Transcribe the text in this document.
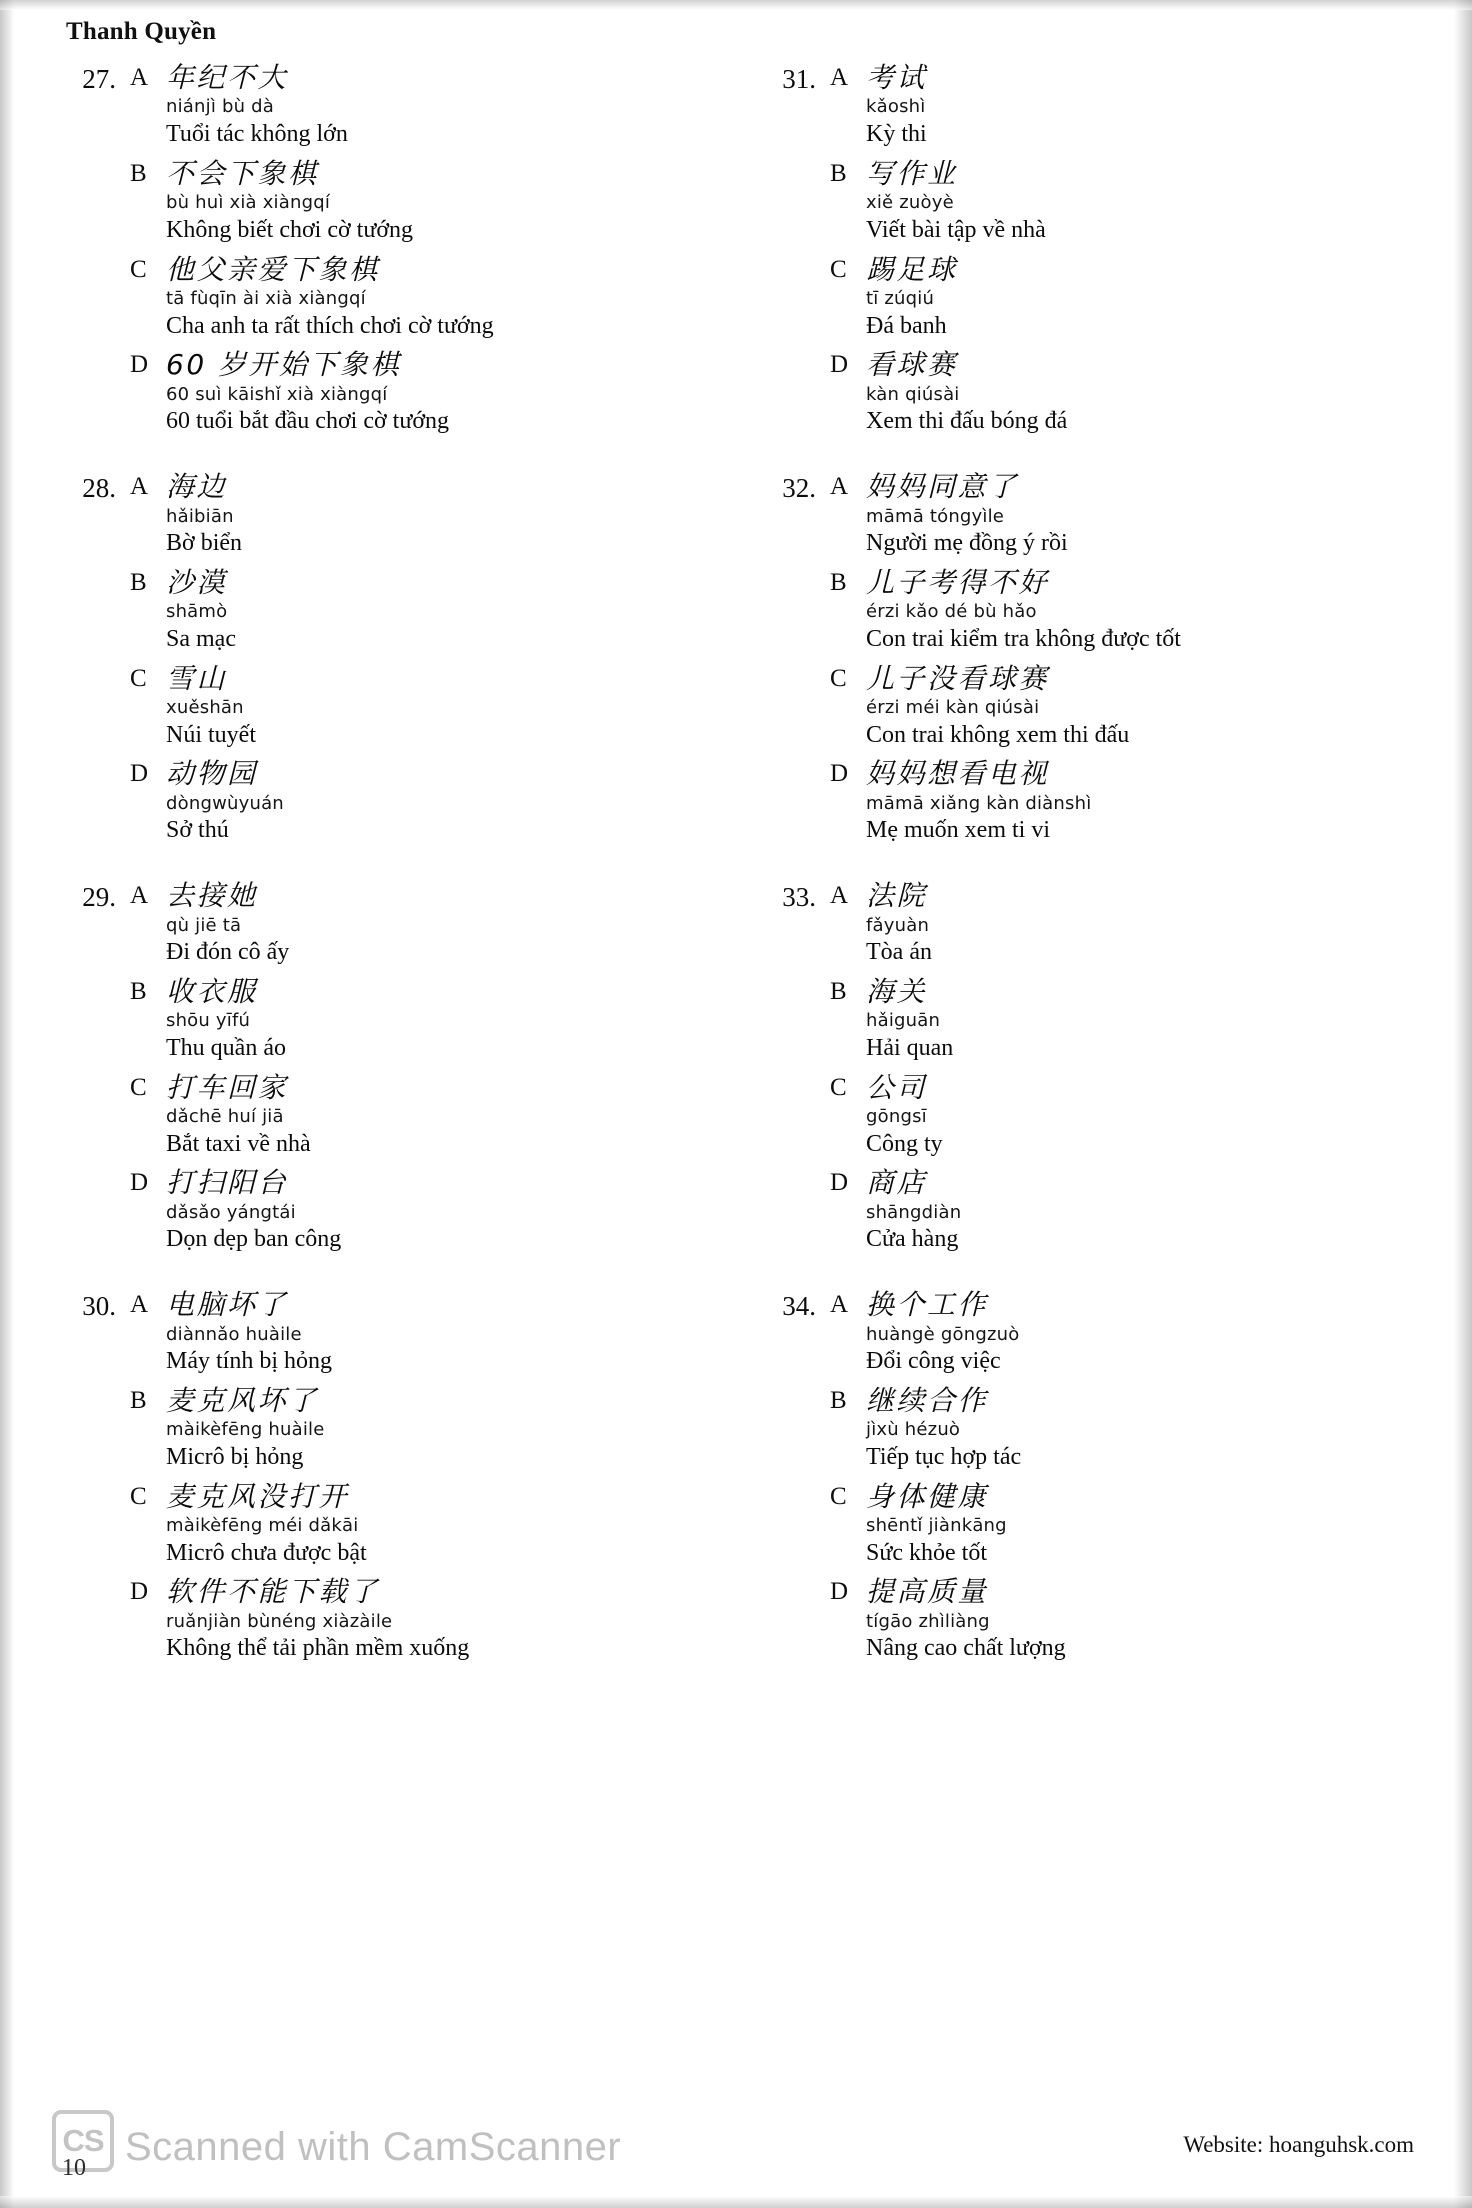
Thanh Quyền
27. A 年纪不大
niánjì bù dà
Tuổi tác không lớn
B 不会下象棋
bù huì xià xiàngqí
Không biết chơi cờ tướng
C 他父亲爱下象棋
tā fùqīn ài xià xiàngqí
Cha anh ta rất thích chơi cờ tướng
D 60 岁开始下象棋
60 suì kāishǐ xià xiàngqí
60 tuổi bắt đầu chơi cờ tướng
28. A 海边
hǎibiān
Bờ biển
B 沙漠
shāmò
Sa mạc
C 雪山
xuěshān
Núi tuyết
D 动物园
dòngwùyuán
Sở thú
29. A 去接她
qù jiē tā
Đi đón cô ấy
B 收衣服
shōu yīfú
Thu quần áo
C 打车回家
dǎchē huí jiā
Bắt taxi về nhà
D 打扫阳台
dǎsǎo yángtái
Dọn dẹp ban công
30. A 电脑坏了
diànnǎo huàile
Máy tính bị hỏng
B 麦克风坏了
màikèfēng huàile
Micrô bị hỏng
C 麦克风没打开
màikèfēng méi dǎkāi
Micrô chưa được bật
D 软件不能下载了
ruǎnjiàn bùnéng xiàzàile
Không thể tải phần mềm xuống
31. A 考试
kǎoshì
Kỳ thi
B 写作业
xiě zuòyè
Viết bài tập về nhà
C 踢足球
tī zúqiú
Đá banh
D 看球赛
kàn qiúsài
Xem thi đấu bóng đá
32. A 妈妈同意了
māmā tóngyìle
Người mẹ đồng ý rồi
B 儿子考得不好
érzi kǎo dé bù hǎo
Con trai kiểm tra không được tốt
C 儿子没看球赛
érzi méi kàn qiúsài
Con trai không xem thi đấu
D 妈妈想看电视
māmā xiǎng kàn diànshì
Mẹ muốn xem ti vi
33. A 法院
fǎyuàn
Tòa án
B 海关
hǎiguān
Hải quan
C 公司
gōngsī
Công ty
D 商店
shāngdiàn
Cửa hàng
34. A 换个工作
huàngè gōngzuò
Đổi công việc
B 继续合作
jìxù hézuò
Tiếp tục hợp tác
C 身体健康
shēntǐ jiànkāng
Sức khỏe tốt
D 提高质量
tígāo zhìliàng
Nâng cao chất lượng
CS Scanned with CamScanner	Website: hoanguhsk.com
10
